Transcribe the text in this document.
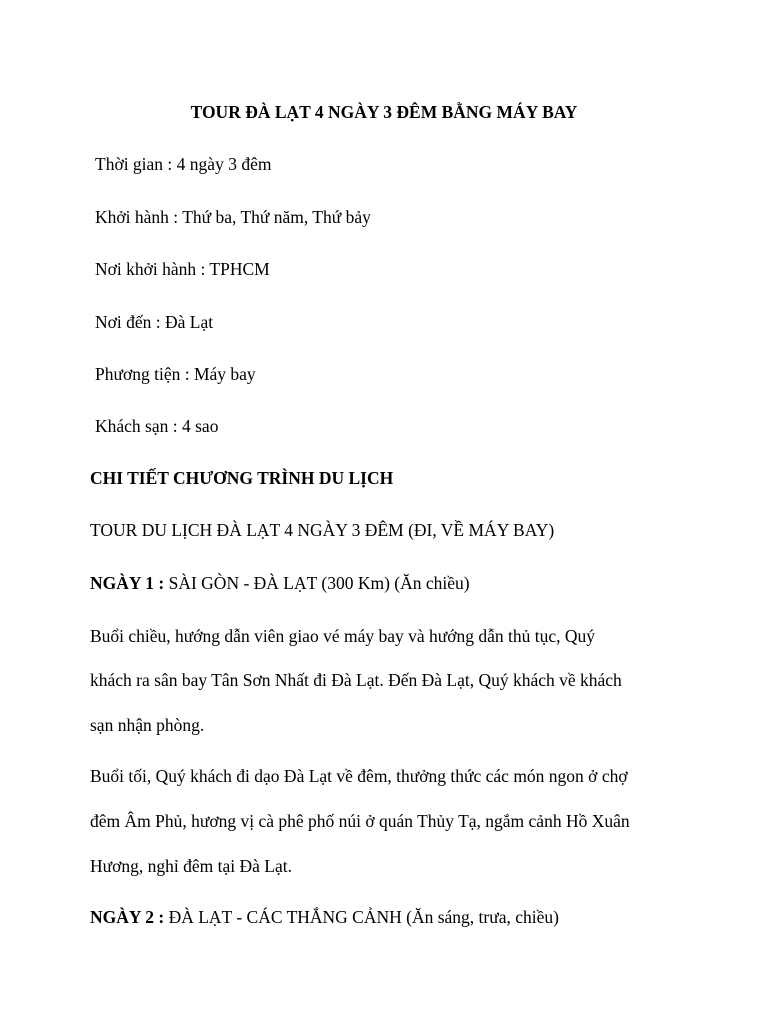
TOUR ĐÀ LẠT 4 NGÀY 3 ĐÊM BẰNG MÁY BAY
Thời gian : 4 ngày 3 đêm
Khởi hành : Thứ ba, Thứ năm, Thứ bảy
Nơi khởi hành : TPHCM
Nơi đến : Đà Lạt
Phương tiện : Máy bay
Khách sạn : 4 sao
CHI TIẾT CHƯƠNG TRÌNH DU LỊCH
TOUR DU LỊCH ĐÀ LẠT 4 NGÀY 3 ĐÊM (ĐI, VỀ MÁY BAY)
NGÀY 1 : SÀI GÒN - ĐÀ LẠT (300 Km) (Ăn chiều)
Buổi chiều, hướng dẫn viên giao vé máy bay và hướng dẫn thủ tục, Quý
khách ra sân bay Tân Sơn Nhất đi Đà Lạt. Đến Đà Lạt, Quý khách về khách
sạn nhận phòng.
Buổi tối, Quý khách đi dạo Đà Lạt về đêm, thưởng thức các món ngon ở chợ
đêm Âm Phủ, hương vị cà phê phố núi ở quán Thủy Tạ, ngắm cảnh Hồ Xuân
Hương, nghỉ đêm tại Đà Lạt.
NGÀY 2 : ĐÀ LẠT - CÁC THẮNG CẢNH (Ăn sáng, trưa, chiều)
